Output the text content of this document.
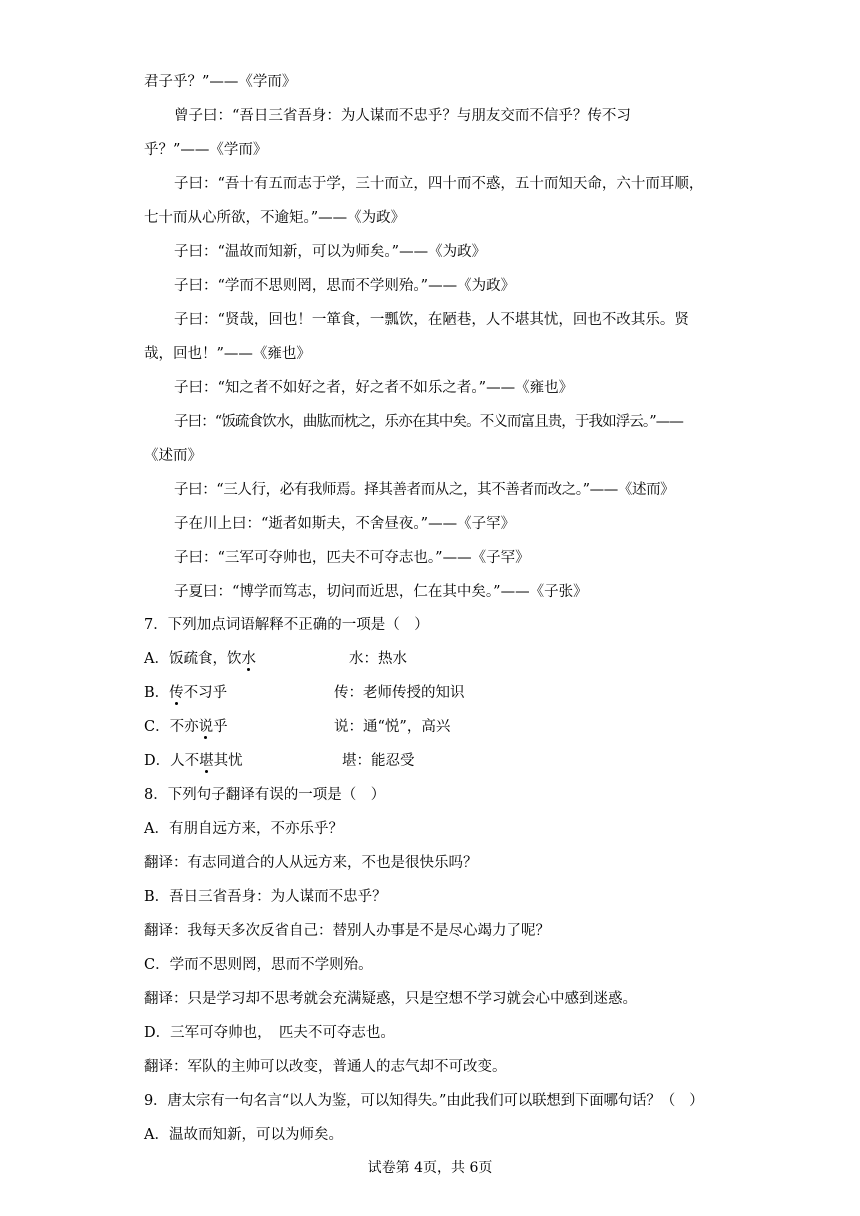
君子乎？”——《学而》
曾子曰：“吾日三省吾身：为人谋而不忠乎？与朋友交而不信乎？传不习
乎？”——《学而》
子曰：“吾十有五而志于学，三十而立，四十而不惑，五十而知天命，六十而耳顺，
七十而从心所欲，不逾矩。”——《为政》
子曰：“温故而知新，可以为师矣。”——《为政》
子曰：“学而不思则罔，思而不学则殆。”——《为政》
子曰：“贤哉，回也！一箪食，一瓢饮，在陋巷，人不堪其忧，回也不改其乐。贤
哉，回也！”——《雍也》
子曰：“知之者不如好之者，好之者不如乐之者。”——《雍也》
子曰：“饭疏食饮水，曲肱而枕之，乐亦在其中矣。不义而富且贵，于我如浮云。”——
《述而》
子曰：“三人行，必有我师焉。择其善者而从之，其不善者而改之。”——《述而》
子在川上曰：“逝者如斯夫，不舍昼夜。”——《子罕》
子曰：“三军可夺帅也，匹夫不可夺志也。”——《子罕》
子夏曰：“博学而笃志，切问而近思，仁在其中矣。”——《子张》
7．下列加点词语解释不正确的一项是（　）
A．饭疏食，饮水	水：热水
B．传不习乎	传：老师传授的知识
C．不亦说乎	说：通“悦”，高兴
D．人不堪其忧	堪：能忍受
8．下列句子翻译有误的一项是（　）
A．有朋自远方来，不亦乐乎？
翻译：有志同道合的人从远方来，不也是很快乐吗？
B．吾日三省吾身：为人谋而不忠乎？
翻译：我每天多次反省自己：替别人办事是不是尽心竭力了呢？
C．学而不思则罔，思而不学则殆。
翻译：只是学习却不思考就会充满疑惑，只是空想不学习就会心中感到迷惑。
D．三军可夺帅也，　匹夫不可夺志也。
翻译：军队的主帅可以改变，普通人的志气却不可改变。
9．唐太宗有一句名言“以人为鉴，可以知得失。”由此我们可以联想到下面哪句话？（　）
A．温故而知新，可以为师矣。
试卷第 4页，共 6页
